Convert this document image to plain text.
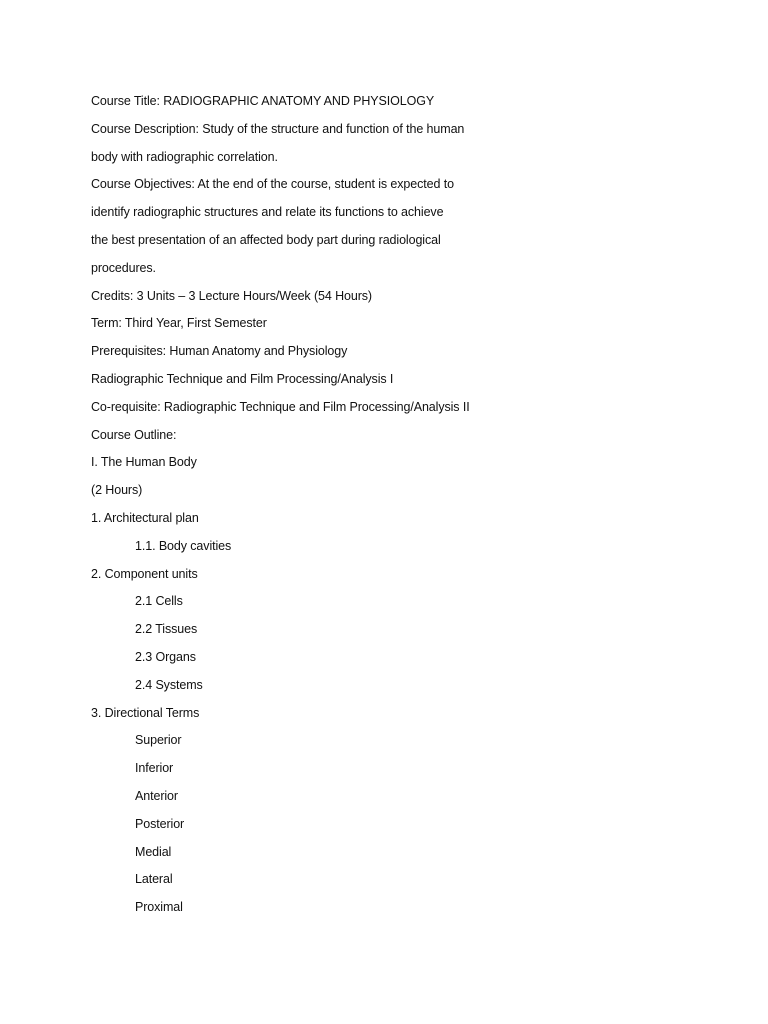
Course Title: RADIOGRAPHIC ANATOMY AND PHYSIOLOGY
Course Description: Study of the structure and function of the human
body with radiographic correlation.
Course Objectives: At the end of the course, student is expected to
identify radiographic structures and relate its functions to achieve
the best presentation of an affected body part during radiological
procedures.
Credits: 3 Units – 3 Lecture Hours/Week (54 Hours)
Term: Third Year, First Semester
Prerequisites: Human Anatomy and Physiology
Radiographic Technique and Film Processing/Analysis I
Co-requisite: Radiographic Technique and Film Processing/Analysis II
Course Outline:
I. The Human Body
(2 Hours)
1. Architectural plan
1.1. Body cavities
2. Component units
2.1 Cells
2.2 Tissues
2.3 Organs
2.4 Systems
3. Directional Terms
Superior
Inferior
Anterior
Posterior
Medial
Lateral
Proximal
